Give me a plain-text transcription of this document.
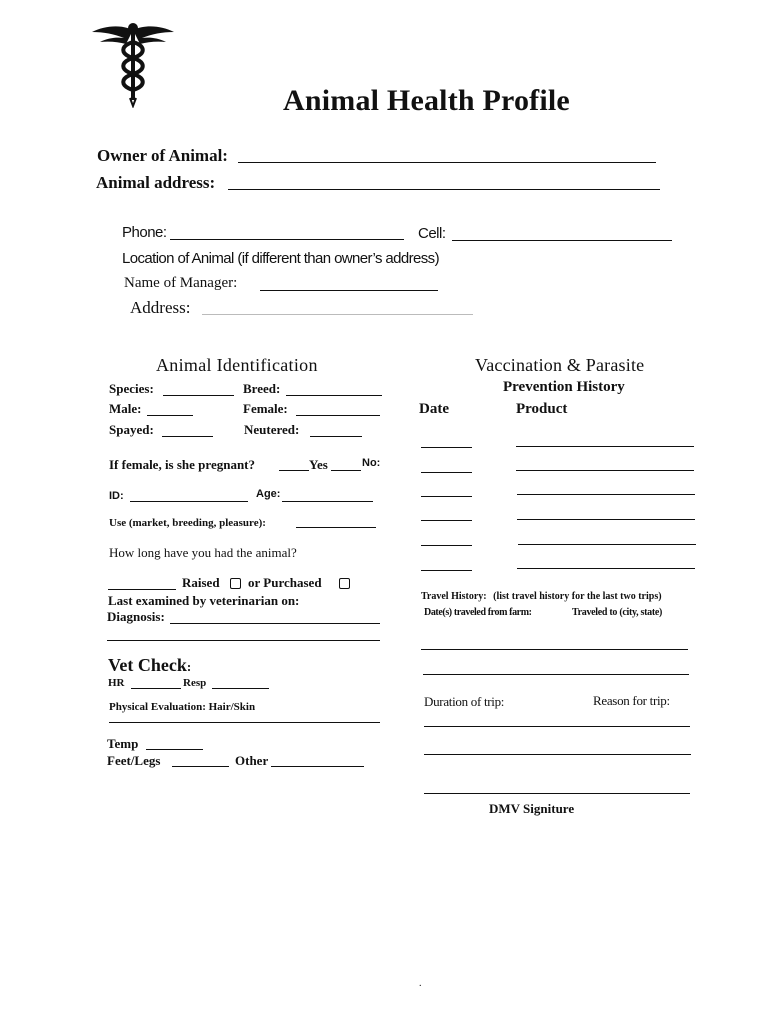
Animal Health Profile
Owner of Animal:
Animal address:
Phone:	Cell:
Location of Animal (if different than owner’s address)
Name of Manager:
Address:
Animal Identification
Species:	Breed:
Male:	Female:
Spayed:	Neutered:
If female, is she pregnant?	Yes	No:
ID:	Age:
Use (market, breeding, pleasure):
How long have you had the animal?
Raised or Purchased
Last examined by veterinarian on:
Diagnosis:
Vet Check:
HR	Resp
Physical Evaluation: Hair/Skin
Temp
Feet/Legs	Other
Vaccination & Parasite
Prevention History
Date	Product
Travel History: (list travel history for the last two trips)
Date(s) traveled from farm:	Traveled to (city, state)
Duration of trip:	Reason for trip:
DMV Signiture
.
